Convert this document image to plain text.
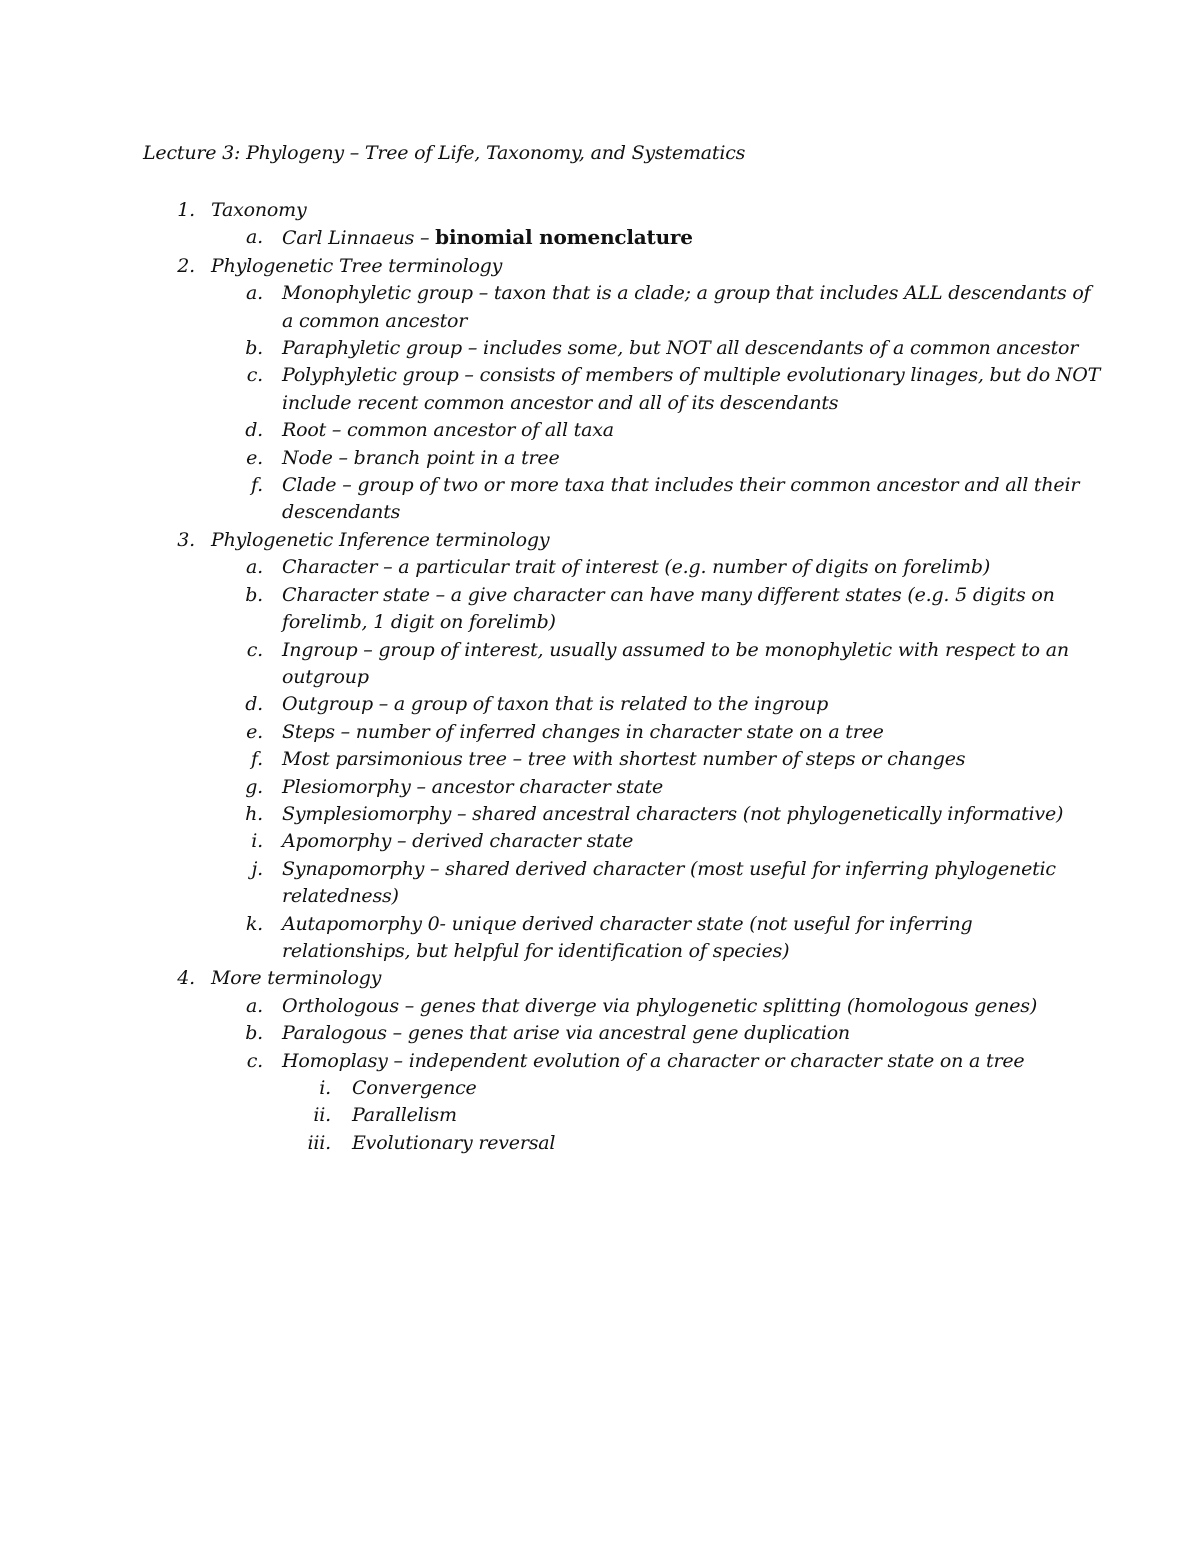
Lecture 3: Phylogeny – Tree of Life, Taxonomy, and Systematics
1. Taxonomy
a. Carl Linnaeus – binomial nomenclature
2. Phylogenetic Tree terminology
a. Monophyletic group – taxon that is a clade; a group that includes ALL descendants of a common ancestor
b. Paraphyletic group – includes some, but NOT all descendants of a common ancestor
c. Polyphyletic group – consists of members of multiple evolutionary linages, but do NOT include recent common ancestor and all of its descendants
d. Root – common ancestor of all taxa
e. Node – branch point in a tree
f. Clade – group of two or more taxa that includes their common ancestor and all their descendants
3. Phylogenetic Inference terminology
a. Character – a particular trait of interest (e.g. number of digits on forelimb)
b. Character state – a give character can have many different states (e.g. 5 digits on forelimb, 1 digit on forelimb)
c. Ingroup – group of interest, usually assumed to be monophyletic with respect to an outgroup
d. Outgroup – a group of taxon that is related to the ingroup
e. Steps – number of inferred changes in character state on a tree
f. Most parsimonious tree – tree with shortest number of steps or changes
g. Plesiomorphy – ancestor character state
h. Symplesiomorphy – shared ancestral characters (not phylogenetically informative)
i. Apomorphy – derived character state
j. Synapomorphy – shared derived character (most useful for inferring phylogenetic relatedness)
k. Autapomorphy 0- unique derived character state (not useful for inferring relationships, but helpful for identification of species)
4. More terminology
a. Orthologous – genes that diverge via phylogenetic splitting (homologous genes)
b. Paralogous – genes that arise via ancestral gene duplication
c. Homoplasy – independent evolution of a character or character state on a tree
i. Convergence
ii. Parallelism
iii. Evolutionary reversal
